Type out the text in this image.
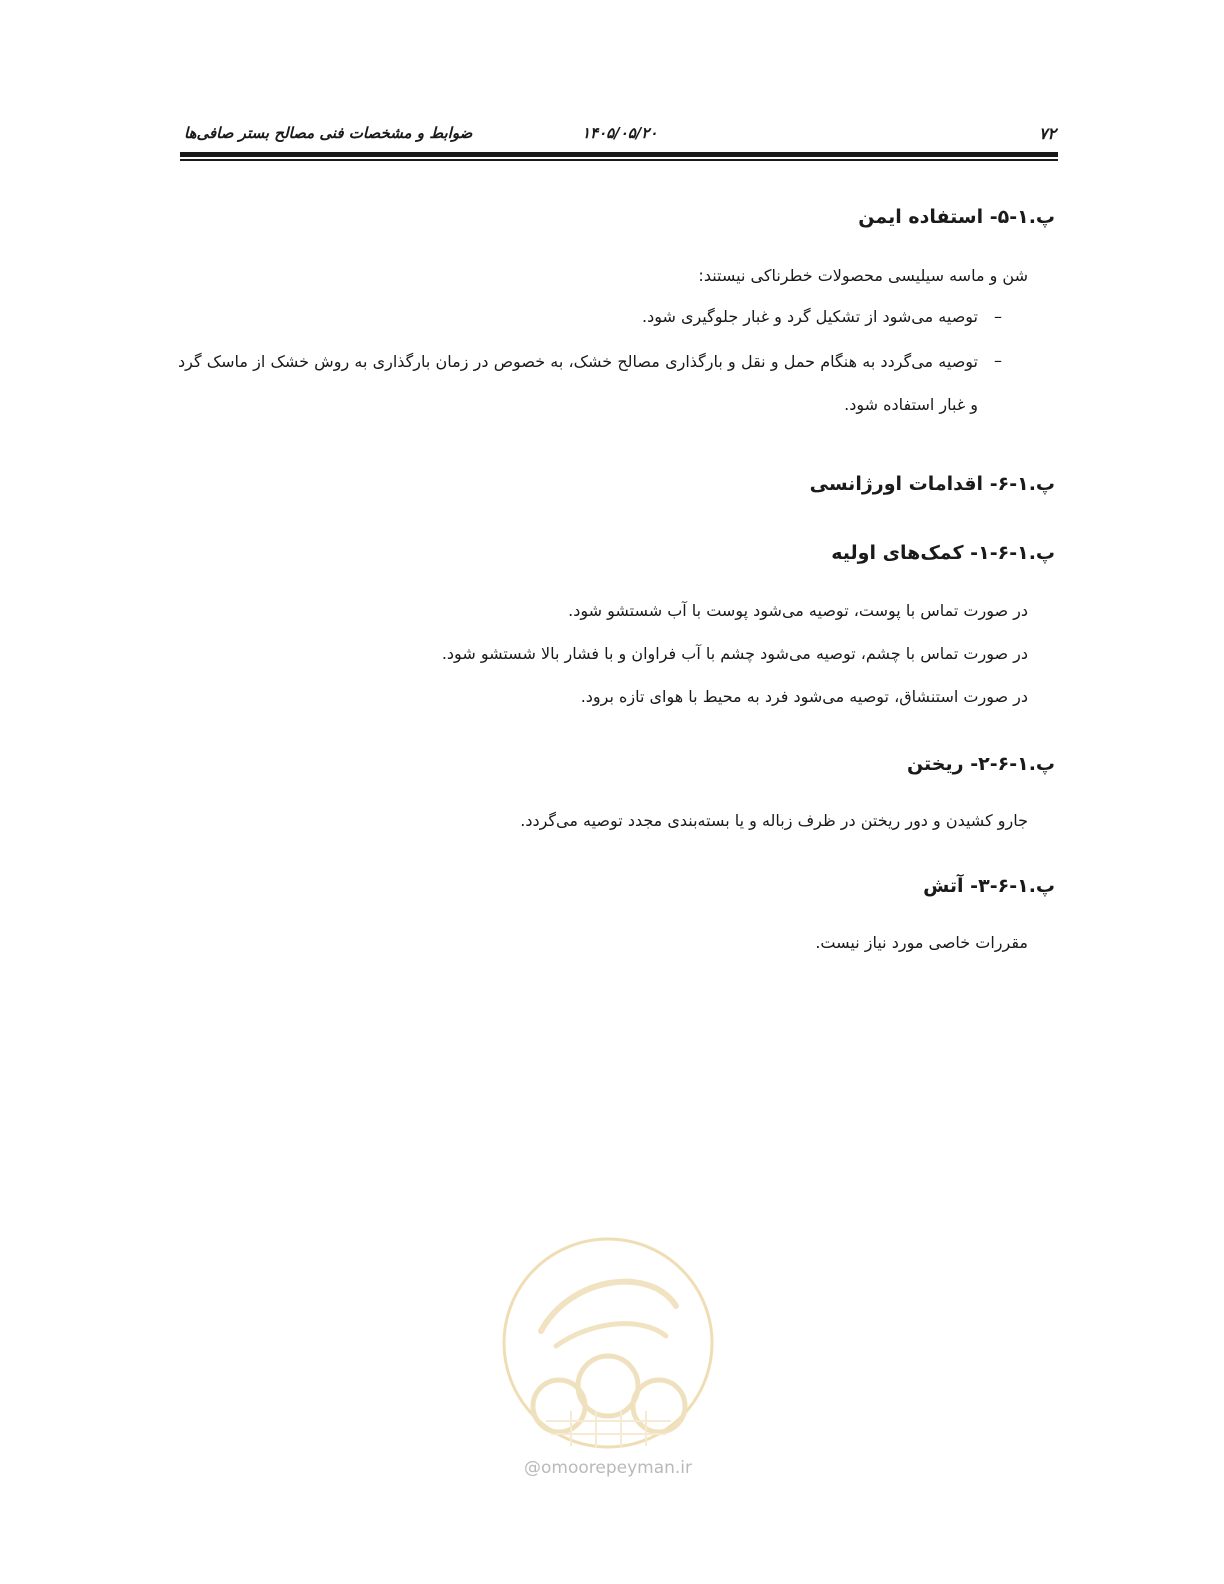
۷۲
۱۴۰۵/۰۵/۲۰
ضوابط و مشخصات فنی مصالح بستر صافی‌ها
پ.۱-۵- استفاده ایمن
شن و ماسه سیلیسی محصولات خطرناکی نیستند:
–
توصیه می‌شود از تشکیل گرد و غبار جلوگیری شود.
–
توصیه می‌گردد به هنگام حمل و نقل و بارگذاری مصالح خشک، به خصوص در زمان بارگذاری به روش خشک از ماسک گرد و غبار استفاده شود.
پ.۱-۶- اقدامات اورژانسی
پ.۱-۶-۱- کمک‌های اولیه
در صورت تماس با پوست، توصیه می‌شود پوست با آب شستشو شود.
در صورت تماس با چشم، توصیه می‌شود چشم با آب فراوان و با فشار بالا شستشو شود.
در صورت استنشاق، توصیه می‌شود فرد به محیط با هوای تازه برود.
پ.۱-۶-۲- ریختن
جارو کشیدن و دور ریختن در ظرف زباله و یا بسته‌بندی مجدد توصیه می‌گردد.
پ.۱-۶-۳- آتش
مقررات خاصی مورد نیاز نیست.
@omoorepeyman.ir
